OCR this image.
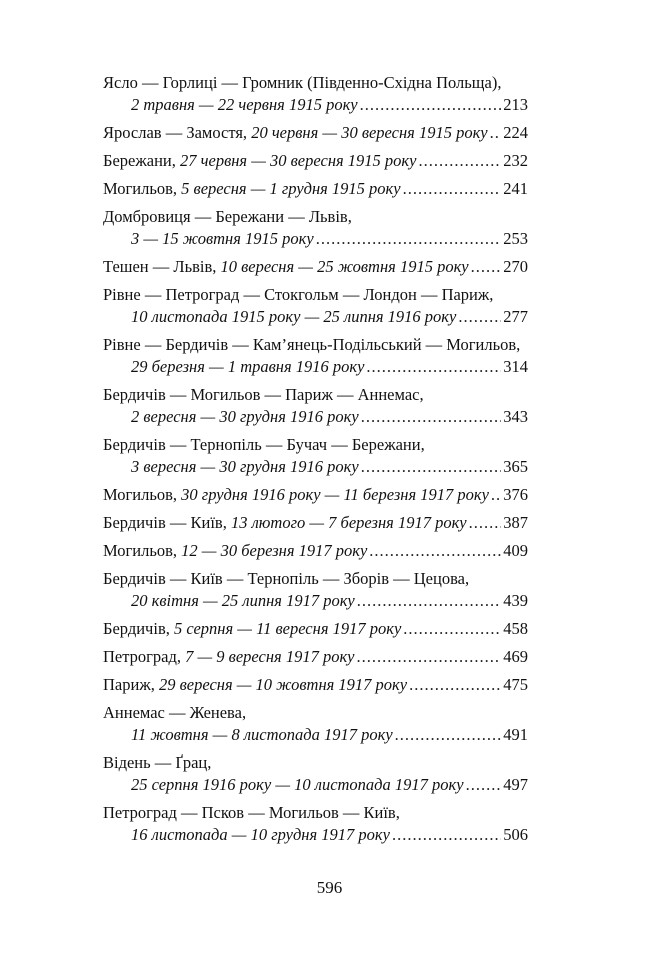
Ясло — Горлиці — Громник (Південно-Східна Польща),
2 травня — 22 червня 1915 року .....	213
Ярослав — Замостя, 20 червня — 30 вересня 1915 року ..... 224
Бережани, 27 червня — 30 вересня 1915 року .....	232
Могильов, 5 вересня — 1 грудня 1915 року .....	241
Домбровиця — Бережани — Львів,
3 — 15 жовтня 1915 року .....	253
Тешен — Львів, 10 вересня — 25 жовтня 1915 року ..... 270
Рівне — Петроград — Стокгольм — Лондон — Париж,
10 листопада 1915 року — 25 липня 1916 року .....	277
Рівне — Бердичів — Кам’янець-Подільський — Могильов,
29 березня — 1 травня 1916 року .....	314
Бердичів — Могильов — Париж — Аннемас,
2 вересня — 30 грудня 1916 року .....	343
Бердичів — Тернопіль — Бучач — Бережани,
3 вересня — 30 грудня 1916 року .....	365
Могильов, 30 грудня 1916 року — 11 березня 1917 року ..... 376
Бердичів — Київ, 13 лютого — 7 березня 1917 року ..... 387
Могильов, 12 — 30 березня 1917 року .....	409
Бердичів — Київ — Тернопіль — Зборів — Цецова,
20 квітня — 25 липня 1917 року .....	439
Бердичів, 5 серпня — 11 вересня 1917 року .....	458
Петроград, 7 — 9 вересня 1917 року .....	469
Париж, 29 вересня — 10 жовтня 1917 року .....	475
Аннемас — Женева,
11 жовтня — 8 листопада 1917 року .....	491
Відень — Ґрац,
25 серпня 1916 року — 10 листопада 1917 року ..... 497
Петроград — Псков — Могильов — Київ,
16 листопада — 10 грудня 1917 року .....	506
596
